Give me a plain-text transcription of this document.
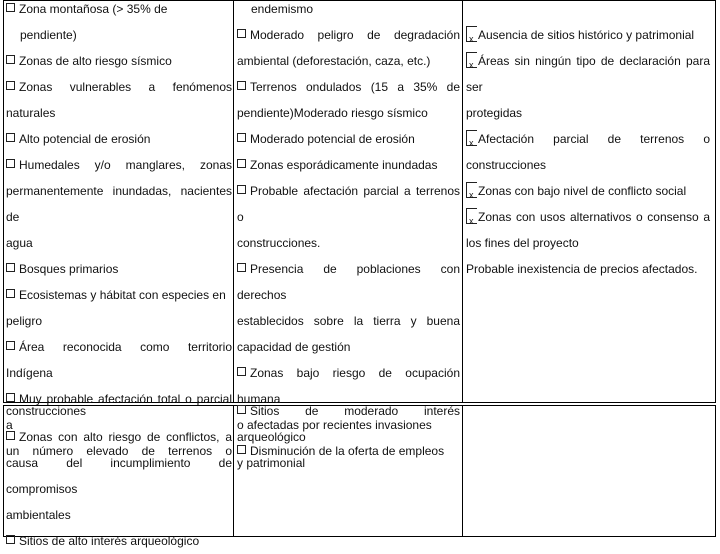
Zona montañosa (> 35% de

pendiente)

Zonas de alto riesgo sísmico

Zonas vulnerables a fenómenos

naturales

Alto potencial de erosión

Humedales y/o manglares, zonas

permanentemente inundadas, nacientes de

agua

Bosques primarios

Ecosistemas y hábitat con especies en

peligro

Área reconocida como territorio Indígena

Muy probable afectación total o parcial a

un número elevado de terrenos o

endemismo

Moderado peligro de degradación

ambiental (deforestación, caza, etc.)

Terrenos ondulados (15 a 35% de

pendiente)Moderado riesgo sísmico

Moderado potencial de erosión

Zonas esporádicamente inundadas

Probable afectación parcial a terrenos o

construcciones.

Presencia de poblaciones con derechos

establecidos sobre la tierra y buena

capacidad de gestión

Zonas bajo riesgo de ocupación humana

o afectadas por recientes invasiones

Disminución de la oferta de empleos

x Ausencia de sitios histórico y patrimonial

x Áreas sin ningún tipo de declaración para ser

protegidas

x Afectación parcial de terrenos o

construcciones

x Zonas con bajo nivel de conflicto social

x Zonas con usos alternativos o consenso a

los fines del proyecto

Probable inexistencia de precios afectados.

construcciones

Zonas con alto riesgo de conflictos, a

causa del incumplimiento de compromisos

ambientales

Sitios de alto interés arqueológico

Sitios de moderado interés arqueológico

y patrimonial
